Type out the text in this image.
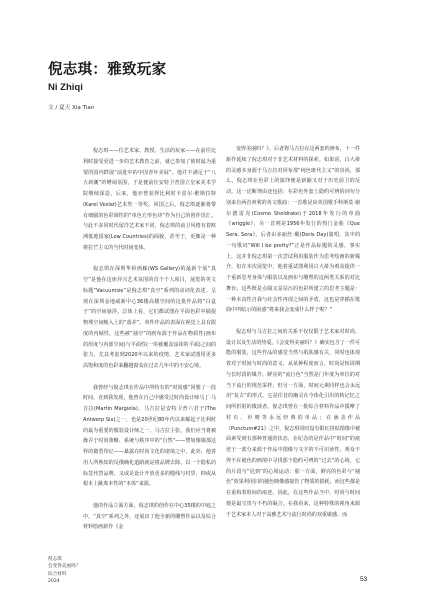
倪志琪：雅致玩家
Ni Zhiqi
文 / 夏天 Xia Tian

倪志琪——位艺术家、教授、生活的玩家——在前往比利时接受更进一步的艺术教育之前，就已参加了彼时最为重要的国内群展“前进中的中国青年美展”。他并不满足于“八五新潮”的嘈闹氛围，于是便前往安特卫普国立皇家美术学院继续深造，后来，他亦曾获得比利时卡雷尔·维斯拉特(Karel Veslat)艺术奖一等奖。回国之后，倪志琪逐渐将带有细腻的色彩调性的“单色方形色块”作为自己的创作语汇。与此不多同时代留洋艺术家不同，倪志琪的前卫风格有着欧洲低地国家(Low Countries)的面貌，甚至于，更像是一种将拉芒主义的当代时间变体。

倪志琪在深圳华侨画廊(WS Gallery)的最新个展“真空”是他在这座异兴艺术氛围的首个个人项目，展览的英文标题“Vacuumize”是倪志琪“真空”系列的动词化表述。呈现在深圳金地威新中心36楼高楼空间的这批作品将“白盒子”的空间悬浮。总体上看，它们都试图在平面色彩中捕捉物理空间缩入上的“落差”。单件作品的表面在视觉上具有限度的内倾性，这些被“抽空”的画布源于作品在物质性(画布的厚度与内部空间)与平面性(一块被覆盖涂抹的平面)之间的张力。尤其考虑到2020年以来的疫情，艺术家试图用更多高饱和度的色彩来翻越窗众在过去几年中的不安心境。

我曾经与倪志琪在作品中所特有的“时尚感”回想了一段时间，直到我发现，他曾在自己中感受过时尚设计师马丁·马吉拉(Martin Margiela)。马吉拉是安特卫普六君子(The Antwerp Six)之一，也是20世纪80年代以来崛起于比利时的最为重要的服装设计师之一。马吉拉主张，我们应当将被操弄于时尚策略、系统与秩序中的“自然”——譬如像墙那这样的微型印记——暴露在时尚文化的诸境之中。此外，他善用人所熟知的反俄确化道路就是将品牌去除，以一个隐私的标签代替品牌，又或是设计开放更多的缝线与衬里，抑或从根本上跳离本性的“本体”来源。

他的作品立面方面，倪志琪的创作在中心35楼的中庭之中，“真空”系列之外，还展出了他全新的雕塑作品以及综合材料绘画新作《金

变得美丽吗？》。后者将马吉拉在这两套的画布，十一件新作延续了倪志琪对于非艺术材料的探索。如果说，白大褂的灵感本身源于马吉拉对同布那“纯色斑代主义”的崇尚，那么，倪志琪在色彩上的演绎便是新颖又对于历史前卫的反动。这一论断理由还包括：在彩色外套上隐约可辨的词句分别来自两首爽利的英文歌曲：一首歌是由英国歌手科斯莫·谢尔德雷克(Cosmo Sheldrake)于2018年发行的单曲《wriggle》，另一首则是1956年发行的热门金曲《Que Sera, Sera》，后者由多丽丝·戴(Doris Day)演唱，其中的一句歌词“Will I be pretty?”正是作品标题的灵感。事实上，这并非倪志琪第一次尝试利用服装作为思考绘画的新媒介，但在本次展览中，他着重试图利用白大褂为观众提供一个重新思考身体与服装以及画布与雕塑的这两类关系的对比舞台。这些既是点缀又是站污的色彩所建立的思考主题是：一种本真性自我与社会性再现之间的矛盾，这也是穿插在歌曲中所暗示的困惑“将来我会变成什么样子呢？”

倪志琪与马吉拉之间的关系不仅仅限于艺术家对时尚、设计以及生活的热爱。《会变得美丽吗？》确实包含了一件可能的服装，这些作品的感觉当然与肌肤感有关，同时也体现着对于时间与时尚的意义，从某种程度而言，时尚是短周期与长时段的媒介。鲜亮的“流行色”当然是门年度为单位的对当下流行的规范采样，但另一方面，时间元素同样也会永远用“复古”的形式，它是往昔的幽灵在今体化引出的转记忆之间所折射的微波者。倪志琪曾在一批综合材料作品中援摩了衬衣、衫晴等永远经典的单品；在涵盖作品《Punctum#21》之中，倪志琪同时设有限红拼贴图像中被面素受到有那种普通的状态，在纪念的是作品中“时间”的痕迹于一部分来源于作品中图像与文字的不可识读性。观众不得不在褪色的画境中寻找那个隐约可辨的“过去”的心境，它的片段与“迟到”的心境运动：那一方面，鲜亮的色彩与“褪色”效果利用旧的褪色映像感接管了物质的损耗，而这些都是在重构着时间的痕迹。因此，在这些作品当中，时尚与时间便是最宝贵与不朽的凝合。在我看来，这种特殊的视角来源于艺术家本人对于高雅艺术与流行时尚的双重敏感，而

倪志琪
会变得美丽吗？
综合材料
2024	53
